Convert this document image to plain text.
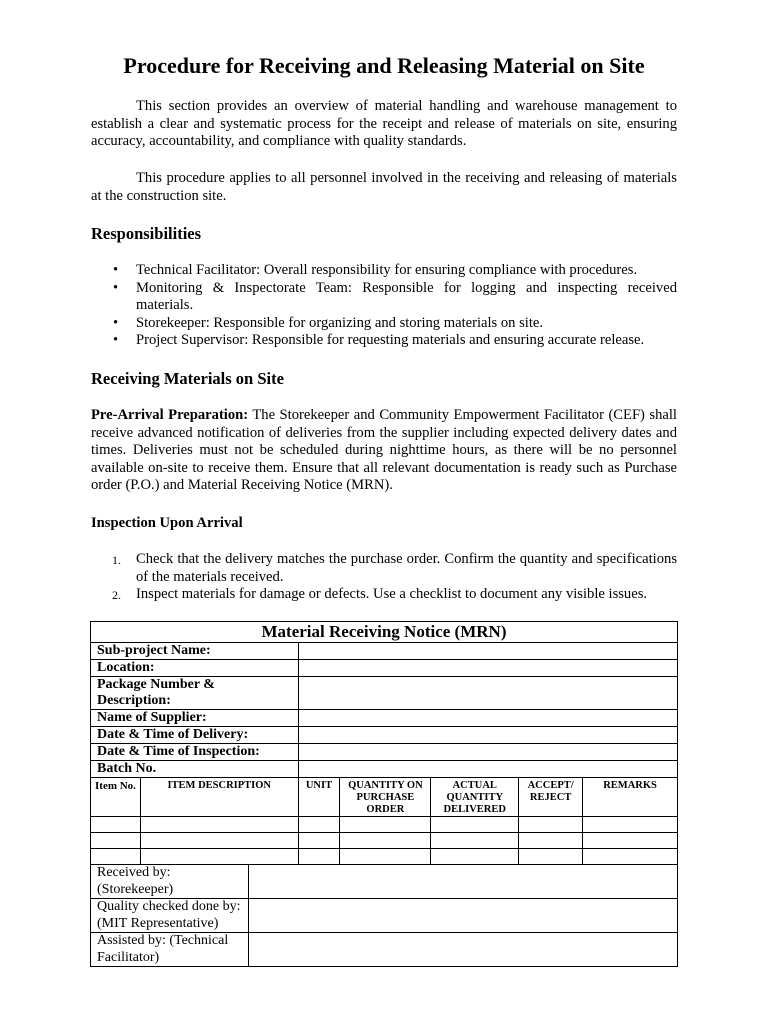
Procedure for Receiving and Releasing Material on Site
This section provides an overview of material handling and warehouse management to establish a clear and systematic process for the receipt and release of materials on site, ensuring accuracy, accountability, and compliance with quality standards.
This procedure applies to all personnel involved in the receiving and releasing of materials at the construction site.
Responsibilities
• Technical Facilitator: Overall responsibility for ensuring compliance with procedures.
• Monitoring & Inspectorate Team: Responsible for logging and inspecting received materials.
• Storekeeper: Responsible for organizing and storing materials on site.
• Project Supervisor: Responsible for requesting materials and ensuring accurate release.
Receiving Materials on Site
Pre-Arrival Preparation: The Storekeeper and Community Empowerment Facilitator (CEF) shall receive advanced notification of deliveries from the supplier including expected delivery dates and times. Deliveries must not be scheduled during nighttime hours, as there will be no personnel available on-site to receive them. Ensure that all relevant documentation is ready such as Purchase order (P.O.) and Material Receiving Notice (MRN).
Inspection Upon Arrival
1. Check that the delivery matches the purchase order. Confirm the quantity and specifications of the materials received.
2. Inspect materials for damage or defects. Use a checklist to document any visible issues.
Material Receiving Notice (MRN)							
Sub-project Name:							
Location:							
Package Number & Description:							
Name of Supplier:							
Date & Time of Delivery:							
Date & Time of Inspection:							
Batch No.							
Item No.	ITEM DESCRIPTION		UNIT	QUANTITY ON PURCHASE ORDER	ACTUAL QUANTITY DELIVERED	ACCEPT/ REJECT	REMARKS

Received by: (Storekeeper)							
Quality checked done by: (MIT Representative)							
Assisted by: (Technical Facilitator)							
